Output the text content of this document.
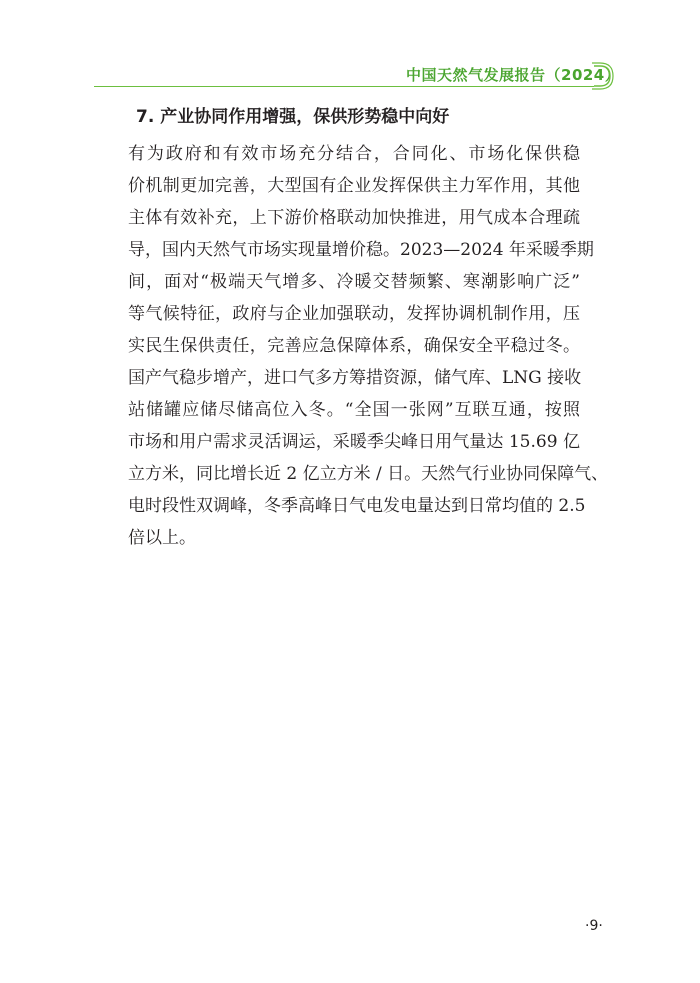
中国天然气发展报告（2024）
7. 产业协同作用增强，保供形势稳中向好
有为政府和有效市场充分结合，合同化、市场化保供稳
价机制更加完善，大型国有企业发挥保供主力军作用，其他
主体有效补充，上下游价格联动加快推进，用气成本合理疏
导，国内天然气市场实现量增价稳。2023—2024 年采暖季期
间，面对“极端天气增多、冷暖交替频繁、寒潮影响广泛”
等气候特征，政府与企业加强联动，发挥协调机制作用，压
实民生保供责任，完善应急保障体系，确保安全平稳过冬。
国产气稳步增产，进口气多方筹措资源，储气库、LNG 接收
站储罐应储尽储高位入冬。“全国一张网”互联互通，按照
市场和用户需求灵活调运，采暖季尖峰日用气量达 15.69 亿
立方米，同比增长近 2 亿立方米 / 日。天然气行业协同保障气、
电时段性双调峰，冬季高峰日气电发电量达到日常均值的 2.5
倍以上。
·9·
